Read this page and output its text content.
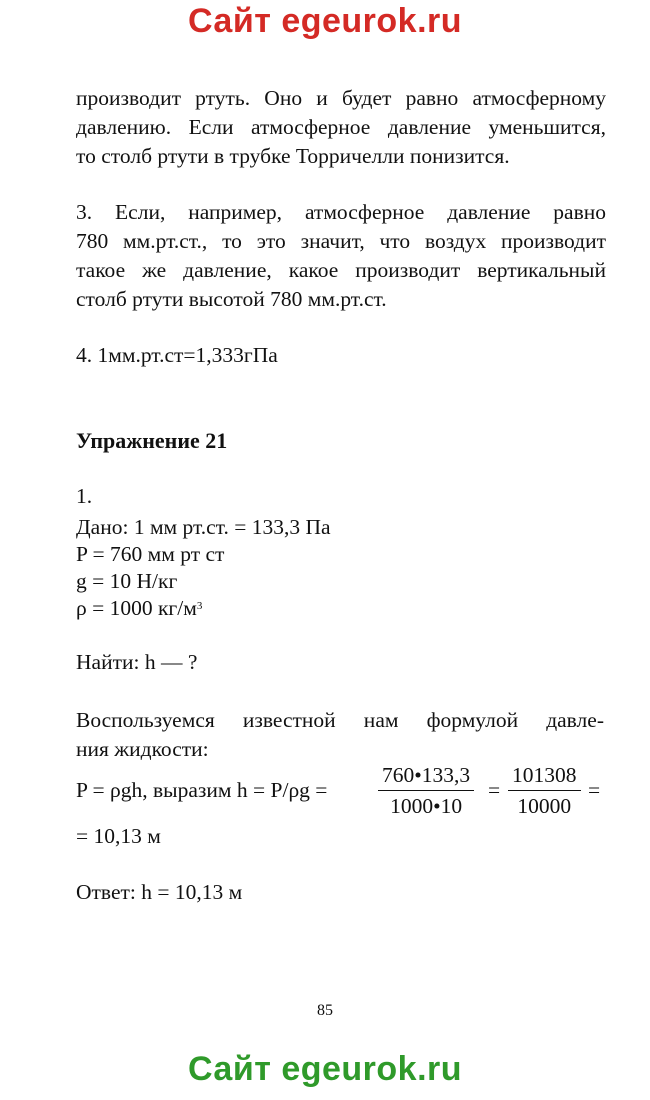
Сайт egeurok.ru
производит ртуть. Оно и будет равно атмосферному
давлению. Если атмосферное давление уменьшится,
то столб ртути в трубке Торричелли понизится.
3. Если, например, атмосферное давление равно
780 мм.рт.ст., то это значит, что воздух производит
такое же давление, какое производит вертикальный
столб ртути высотой 780 мм.рт.ст.
4. 1мм.рт.ст=1,333гПа
Упражнение 21
1.
Дано: 1 мм рт.ст. = 133,3 Па
P = 760 мм рт ст
g = 10 Н/кг
ρ = 1000 $кг/м^3$
Найти: h — ?
Воспользуемся известной нам формулой давле-
ния жидкости:
P = ρgh, выразим $h = P/\rho g = \frac{760•133,3}{1000•10} = \frac{101308}{10000}$ =
= 10,13 м
Ответ: h = 10,13 м
85
Сайт egeurok.ru
